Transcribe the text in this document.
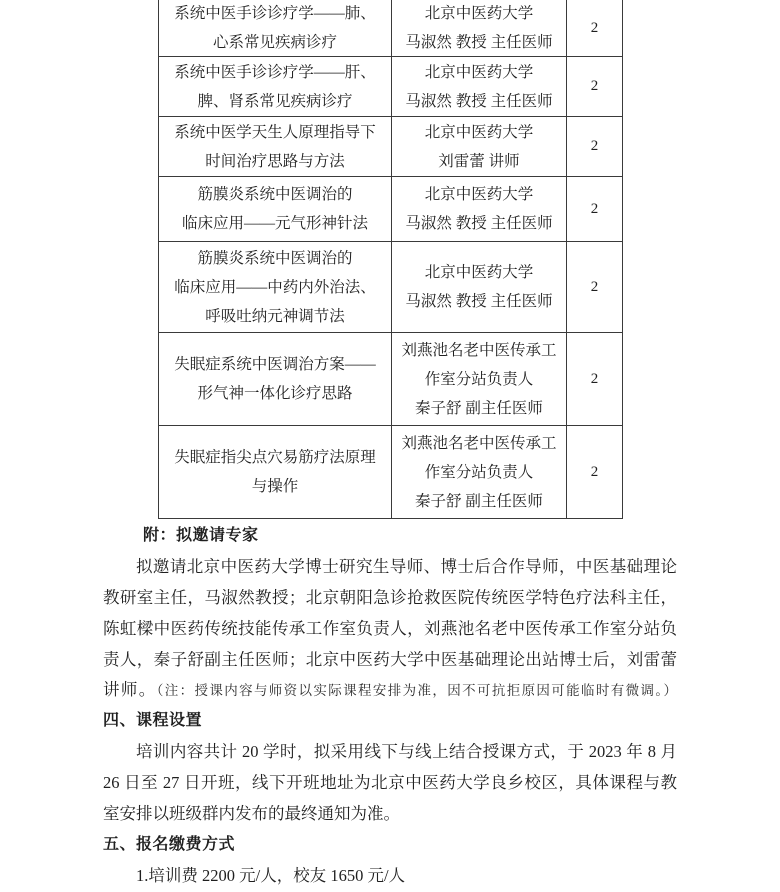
系统中医手诊诊疗学——肺、
心系常见疾病诊疗
北京中医药大学
马淑然 教授 主任医师
2
系统中医手诊诊疗学——肝、
脾、肾系常见疾病诊疗
北京中医药大学
马淑然 教授 主任医师
2
系统中医学天生人原理指导下
时间治疗思路与方法
北京中医药大学
刘雷蕾 讲师
2
筋膜炎系统中医调治的
临床应用——元气形神针法
北京中医药大学
马淑然 教授 主任医师
2
筋膜炎系统中医调治的
临床应用——中药内外治法、
呼吸吐纳元神调节法
北京中医药大学
马淑然 教授 主任医师
2
失眠症系统中医调治方案——
形气神一体化诊疗思路
刘燕池名老中医传承工
作室分站负责人
秦子舒 副主任医师
2
失眠症指尖点穴易筋疗法原理
与操作
刘燕池名老中医传承工
作室分站负责人
秦子舒 副主任医师
2
附：拟邀请专家
拟邀请北京中医药大学博士研究生导师、博士后合作导师，中医基础理论
教研室主任，马淑然教授；北京朝阳急诊抢救医院传统医学特色疗法科主任，
陈虹樑中医药传统技能传承工作室负责人，刘燕池名老中医传承工作室分站负
责人，秦子舒副主任医师；北京中医药大学中医基础理论出站博士后，刘雷蕾
讲师。（注：授课内容与师资以实际课程安排为准，因不可抗拒原因可能临时有微调。）
四、课程设置
培训内容共计 20 学时，拟采用线下与线上结合授课方式，于 2023 年 8 月
26 日至 27 日开班，线下开班地址为北京中医药大学良乡校区，具体课程与教
室安排以班级群内发布的最终通知为准。
五、报名缴费方式
1.培训费 2200 元/人，校友 1650 元/人
